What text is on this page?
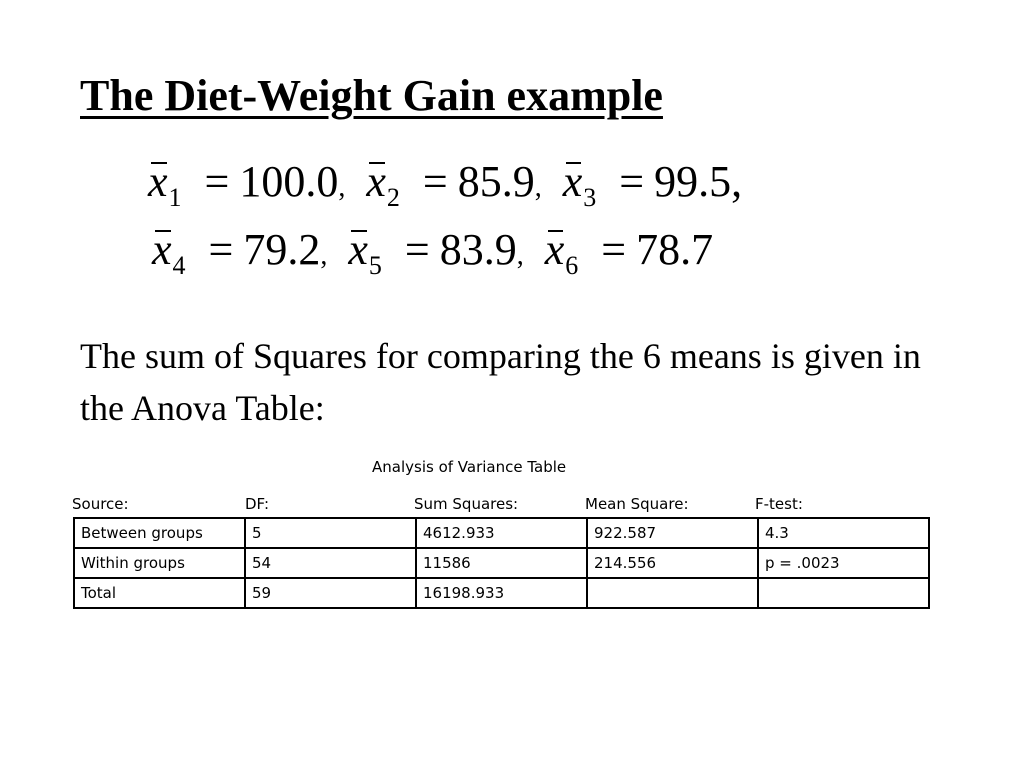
The Diet-Weight Gain example
$x_1 = 100.0$, $x_2 = 85.9$, $x_3 = 99.5$,
$x_4 = 79.2$, $x_5 = 83.9$, $x_6 = 78.7$
The sum of Squares for comparing the 6 means is given in the Anova Table:
Analysis of Variance Table
Source:	DF:	Sum Squares:	Mean Square:	F-test:
Between groups	5	4612.933	922.587	4.3
Within groups	54	11586	214.556	p = .0023
Total	59	16198.933		
